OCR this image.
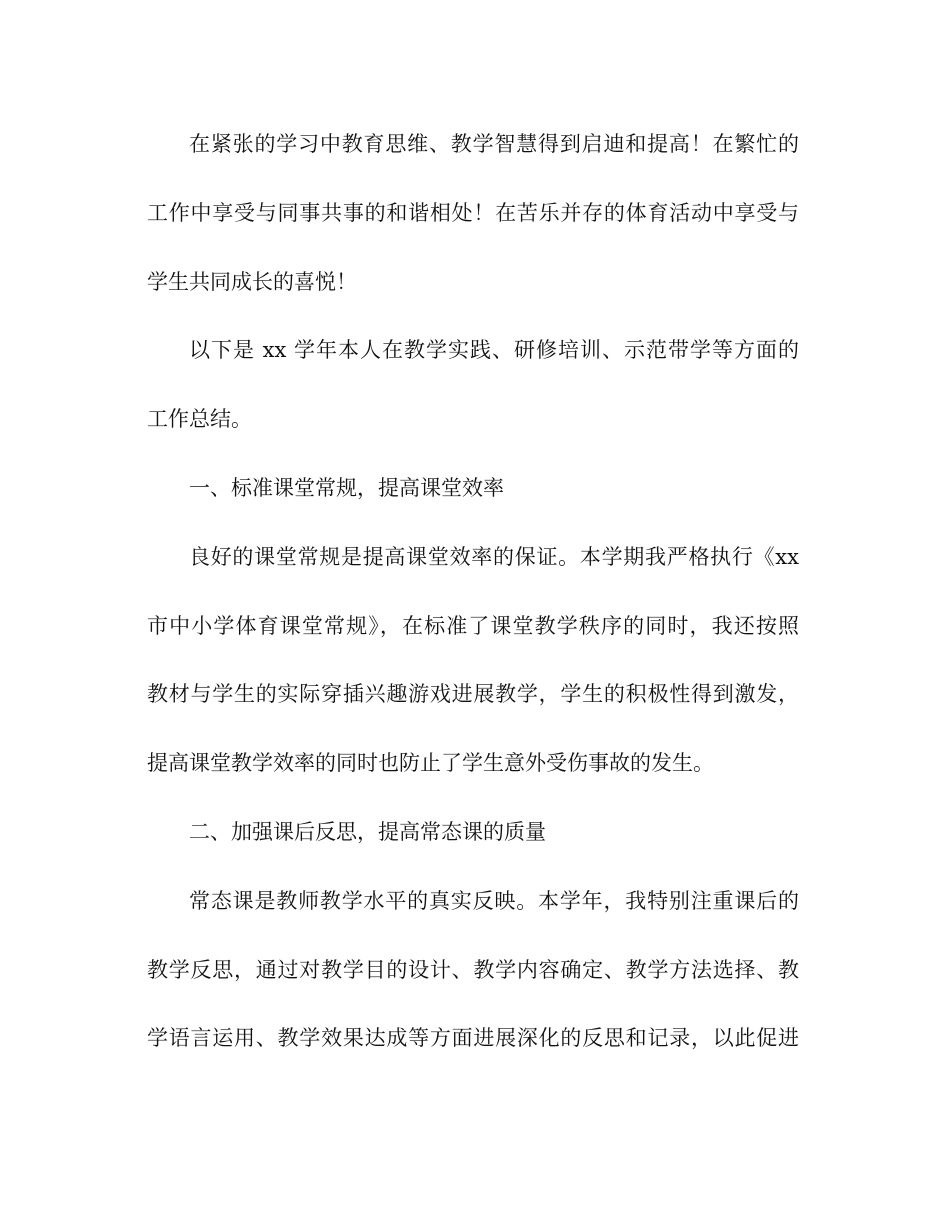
在紧张的学习中教育思维、教学智慧得到启迪和提高！在繁忙的
工作中享受与同事共事的和谐相处！在苦乐并存的体育活动中享受与
学生共同成长的喜悦！
以下是 xx 学年本人在教学实践、研修培训、示范带学等方面的
工作总结。
一、标准课堂常规，提高课堂效率
良好的课堂常规是提高课堂效率的保证。本学期我严格执行《xx
市中小学体育课堂常规》，在标准了课堂教学秩序的同时，我还按照
教材与学生的实际穿插兴趣游戏进展教学，学生的积极性得到激发，
提高课堂教学效率的同时也防止了学生意外受伤事故的发生。
二、加强课后反思，提高常态课的质量
常态课是教师教学水平的真实反映。本学年，我特别注重课后的
教学反思，通过对教学目的设计、教学内容确定、教学方法选择、教
学语言运用、教学效果达成等方面进展深化的反思和记录，以此促进
